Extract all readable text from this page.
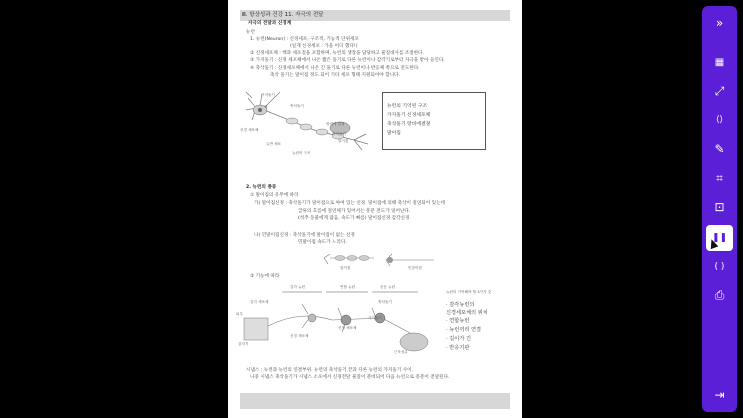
Ⅲ. 항상성과 건강 11. 자극의 전달
자극의 전달과 신경계
뉴런
1. 뉴런(Neuron) : 신경세포, 구조적, 기능적 단위세포
(일개 신경세포 : 가을 어디 했다!)
② 신경세포체 : 핵과 세포질을 포함하며, 뉴런의 생장을 담당하고 물질대사를 조절한다.
③ 가지돌기 : 신경 세포체에서 나온 짧은 돌기로 다른 뉴런이나 감각기로부터 자극을 받아 들인다.
④ 축삭돌기 : 신경세포체에서 나온 긴 돌기로 다른 뉴런이나 반응체 쪽으로 전도한다.
축삭 돌기는 말이집 정도 되어 기타 세포 형태 지원되어야 합니다.
가지돌기
핵	축삭돌기
신경 세포체
랑비에 결절
축삭돌기
말이집
슈반 세포
뉴런의 구조
뉴런의 기억된 구조
가지돌기 신경세포체
축삭돌기 랑비에결절
말이집
2. 뉴런의 종류
① 말이집의 유무에 따라
가) 말이집신경 : 축삭돌기가 말이집으로 싸여 있는 신경. 말이집에 의해 축삭이 절연되어 있는데
급류의 흐름에 절연체가 있어서는 흥분 전도가 일어난다.
(척추 동물에게 많음, 속도가 빠름) 말이집신경 감각신경
나) 민말이집신경 : 축삭돌기에 말이집이 없는 신경
민말이집 속도가 느리다.
말이집	민말이집
② 기능에 따라
감각 뉴런	연합 뉴런	운동 뉴런
감각 세포체	축삭돌기
피부
신경 세포체
가지돌기
신경 세포체
근육섬유
감각기
뉴런의 기억해야 할 3가지 것
· 감각뉴런의
신경세포체의 위치
· 연합뉴런
· 뉴런끼리 연결
· 길이가 긴
· 반응기관
시냅스 : 뉴런과 뉴런의 연결부위. 뉴런의 축삭돌기 끝과 다른 뉴런의 가지돌기 사이.
나중 시냅스 축삭돌기가 시냅스 소포에서 신경전달 물질이 분비되어 다음 뉴런으로 흥분이 전달된다.
»
▦
⤢
⟨⟩
✎
⌗
⊡
❚❚
( )
⎙
⇥
